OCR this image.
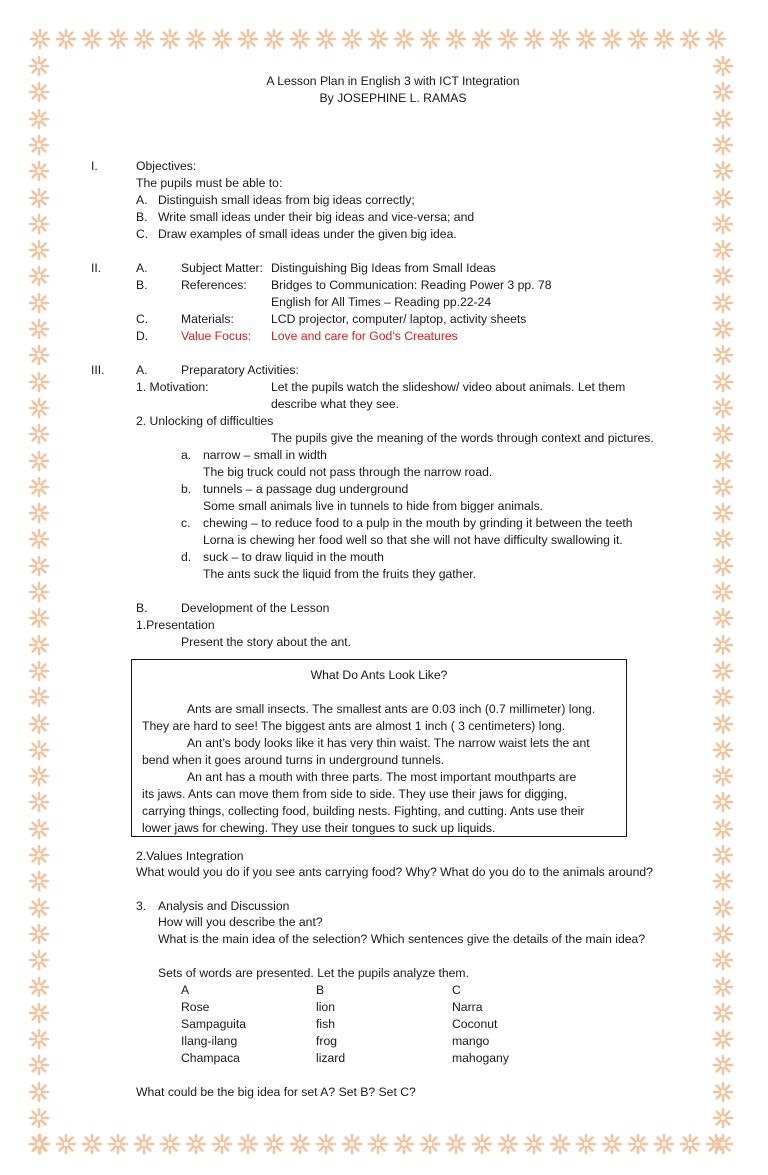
A Lesson Plan in English 3 with ICT Integration
By JOSEPHINE L. RAMAS
I.	Objectives:
The pupils must be able to:
A. Distinguish small ideas from big ideas correctly;
B. Write small ideas under their big ideas and vice-versa; and
C. Draw examples of small ideas under the given big idea.
II.	A.	Subject Matter: Distinguishing Big Ideas from Small Ideas
B.	References: Bridges to Communication: Reading Power 3 pp. 78
English for All Times – Reading pp.22-24
C.	Materials:	LCD projector, computer/ laptop, activity sheets
D.	Value Focus: Love and care for God’s Creatures
III.	A.	Preparatory Activities:
1. Motivation:	Let the pupils watch the slideshow/ video about animals. Let them
describe what they see.
2. Unlocking of difficulties
The pupils give the meaning of the words through context and pictures.
a. narrow – small in width
The big truck could not pass through the narrow road.
b. tunnels – a passage dug underground
Some small animals live in tunnels to hide from bigger animals.
c. chewing – to reduce food to a pulp in the mouth by grinding it between the teeth
Lorna is chewing her food well so that she will not have difficulty swallowing it.
d. suck – to draw liquid in the mouth
The ants suck the liquid from the fruits they gather.
B.	Development of the Lesson
1.Presentation
Present the story about the ant.
What Do Ants Look Like?
Ants are small insects. The smallest ants are 0.03 inch (0.7 millimeter) long.
They are hard to see! The biggest ants are almost 1 inch ( 3 centimeters) long.
An ant’s body looks like it has very thin waist. The narrow waist lets the ant
bend when it goes around turns in underground tunnels.
An ant has a mouth with three parts. The most important mouthparts are
its jaws. Ants can move them from side to side. They use their jaws for digging,
carrying things, collecting food, building nests. Fighting, and cutting. Ants use their
lower jaws for chewing. They use their tongues to suck up liquids.
2.Values Integration
What would you do if you see ants carrying food? Why? What do you do to the animals around?
3. Analysis and Discussion
How will you describe the ant?
What is the main idea of the selection? Which sentences give the details of the main idea?
Sets of words are presented. Let the pupils analyze them.
A	B	C
Rose	lion	Narra
Sampaguita	fish	Coconut
Ilang-ilang	frog	mango
Champaca	lizard	mahogany
What could be the big idea for set A? Set B? Set C?
